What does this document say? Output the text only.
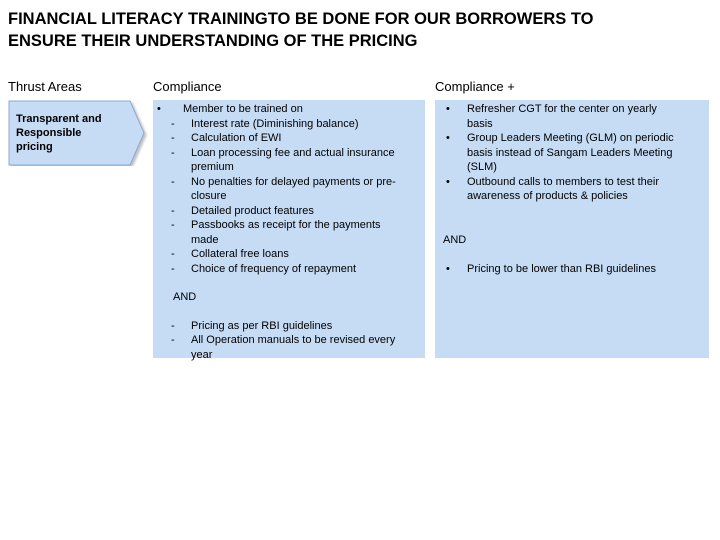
FINANCIAL LITERACY TRAININGTO BE DONE FOR OUR BORROWERS TO
ENSURE THEIR UNDERSTANDING OF THE PRICING
Thrust Areas	Compliance	Compliance +
Transparent and
Responsible
pricing
• Member to be trained on
- Interest rate (Diminishing balance)
- Calculation of EWI
- Loan processing fee and actual insurance
premium
- No penalties for delayed payments or pre-
closure
- Detailed product features
- Passbooks as receipt for the payments
made
- Collateral free loans
- Choice of frequency of repayment
AND
- Pricing as per RBI guidelines
- All Operation manuals to be revised every
year
• Refresher CGT for the center on yearly
basis
• Group Leaders Meeting (GLM) on periodic
basis instead of Sangam Leaders Meeting
(SLM)
• Outbound calls to members to test their
awareness of products & policies
AND
• Pricing to be lower than RBI guidelines
